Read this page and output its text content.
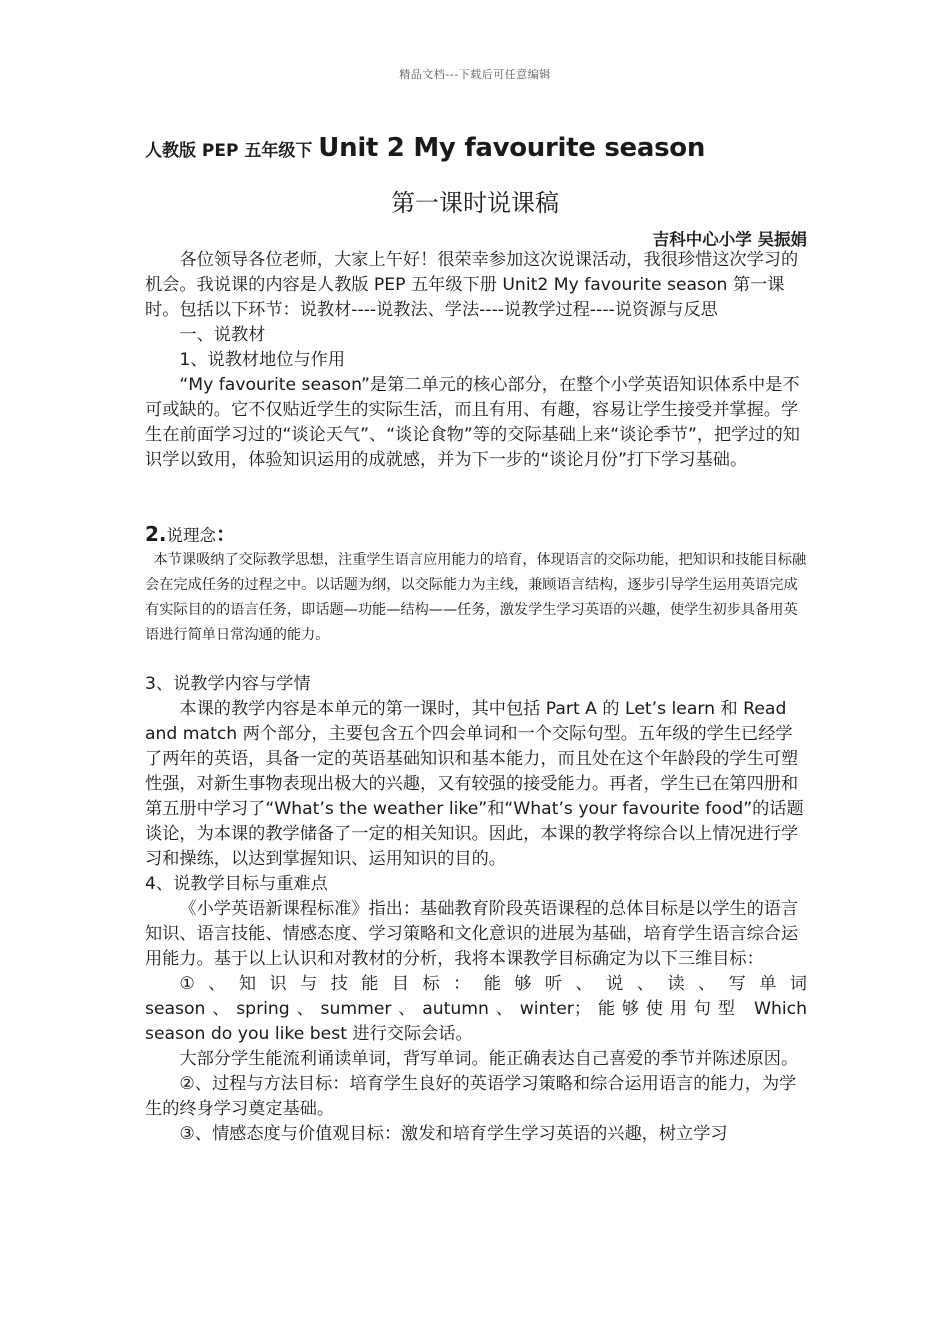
精品文档---下载后可任意编辑
人教版 PEP 五年级下 Unit 2 My favourite season
第一课时说课稿
吉科中心小学 吴振娟

各位领导各位老师，大家上午好！很荣幸参加这次说课活动，我很珍惜这次学习的机会。我说课的内容是人教版 PEP 五年级下册 Unit2 My favourite season 第一课时。包括以下环节：说教材----说教法、学法----说教学过程----说资源与反思

一、说教材

1、说教材地位与作用

“My favourite season”是第二单元的核心部分，在整个小学英语知识体系中是不可或缺的。它不仅贴近学生的实际生活，而且有用、有趣，容易让学生接受并掌握。学生在前面学习过的“谈论天气”、“谈论食物”等的交际基础上来“谈论季节”，把学过的知识学以致用，体验知识运用的成就感，并为下一步的“谈论月份”打下学习基础。

2.说理念：

本节课吸纳了交际教学思想，注重学生语言应用能力的培育，体现语言的交际功能，把知识和技能目标融会在完成任务的过程之中。以话题为纲，以交际能力为主线，兼顾语言结构，逐步引导学生运用英语完成有实际目的的语言任务，即话题—功能—结构——任务，激发学生学习英语的兴趣，使学生初步具备用英语进行简单日常沟通的能力。

3、说教学内容与学情

本课的教学内容是本单元的第一课时，其中包括 Part A 的 Let’s learn 和 Read and match 两个部分，主要包含五个四会单词和一个交际句型。五年级的学生已经学了两年的英语，具备一定的英语基础知识和基本能力，而且处在这个年龄段的学生可塑性强，对新生事物表现出极大的兴趣，又有较强的接受能力。再者，学生已在第四册和第五册中学习了“What’s the weather like”和“What’s your favourite food”的话题谈论，为本课的教学储备了一定的相关知识。因此，本课的教学将综合以上情况进行学习和操练，以达到掌握知识、运用知识的目的。

4、说教学目标与重难点

《小学英语新课程标准》指出：基础教育阶段英语课程的总体目标是以学生的语言知识、语言技能、情感态度、学习策略和文化意识的进展为基础，培育学生语言综合运用能力。基于以上认识和对教材的分析，我将本课教学目标确定为以下三维目标：

①、知识与技能目标：能够听、说、读、写单词

season、spring、summer、autumn、winter；能够使用句型 Which

season do you like best 进行交际会话。

大部分学生能流利诵读单词，背写单词。能正确表达自己喜爱的季节并陈述原因。

②、过程与方法目标：培育学生良好的英语学习策略和综合运用语言的能力，为学生的终身学习奠定基础。

③、情感态度与价值观目标：激发和培育学生学习英语的兴趣，树立学习
